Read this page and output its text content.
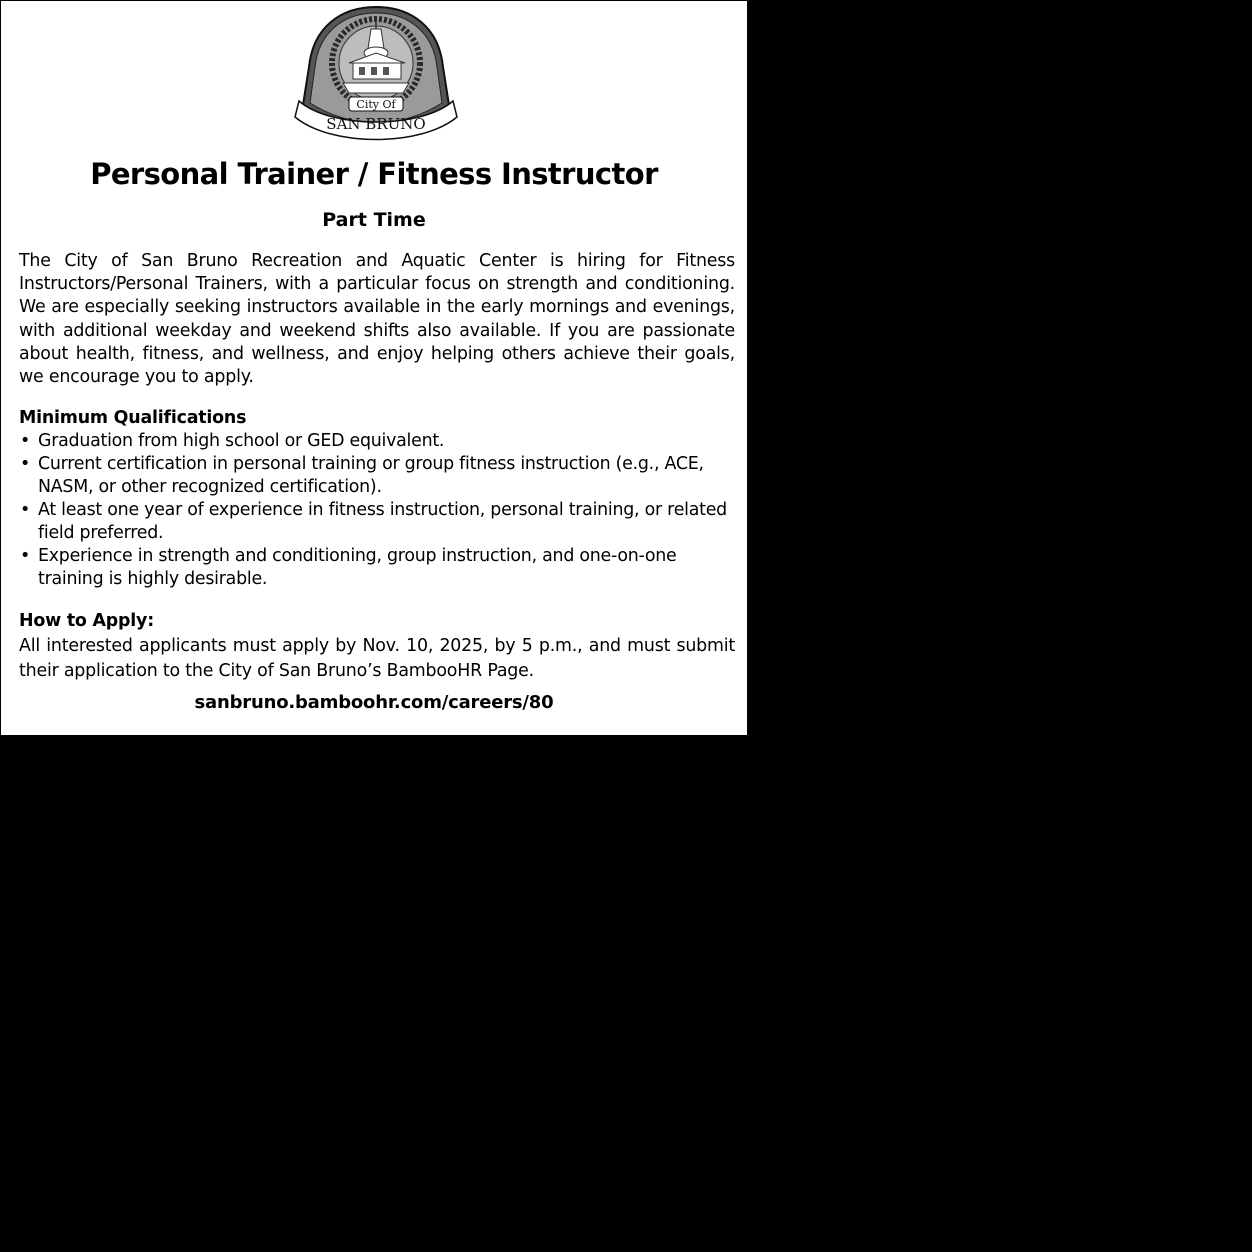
City Of
SAN BRUNO
Personal Trainer / Fitness Instructor
Part Time

The City of San Bruno Recreation and Aquatic Center is hiring for Fitness Instructors/Personal Trainers, with a particular focus on strength and conditioning. We are especially seeking instructors available in the early mornings and evenings, with additional weekday and weekend shifts also available. If you are passionate about health, fitness, and wellness, and enjoy helping others achieve their goals, we encourage you to apply.

Minimum Qualifications
• Graduation from high school or GED equivalent.
• Current certification in personal training or group fitness instruction (e.g., ACE, NASM, or other recognized certification).
• At least one year of experience in fitness instruction, personal training, or related field preferred.
• Experience in strength and conditioning, group instruction, and one-on-one training is highly desirable.
How to Apply:

All interested applicants must apply by Nov. 10, 2025, by 5 p.m., and must submit their application to the City of San Bruno’s BambooHR Page.

sanbruno.bamboohr.com/careers/80
